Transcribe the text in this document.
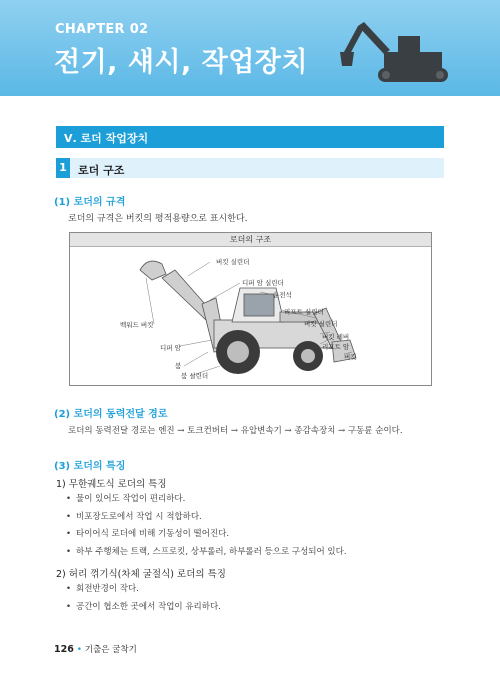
CHAPTER 02
전기, 섀시, 작업장치
Ⅴ. 로더 작업장치
1 로더 구조
(1) 로더의 규격
로더의 규격은 버킷의 평적용량으로 표시한다.
로더의 구조
버킷 실린더
디퍼 암 실린더
운전석
백워드 버킷
리프트 실린더
버킷 실린더
버킷 레버
리프트 암
버킷
디퍼 암
붐
붐 실린더
(2) 로더의 동력전달 경로
로더의 동력전달 경로는 엔진 → 토크컨버터 → 유압변속기 → 종감속장치 → 구동륜 순이다.
(3) 로더의 특징
1) 무한궤도식 로더의 특징
• 물이 있어도 작업이 편리하다.
• 비포장도로에서 작업 시 적합하다.
• 타이어식 로더에 비해 기동성이 떨어진다.
• 하부 주행체는 트랙, 스프로킷, 상부롤러, 하부롤러 등으로 구성되어 있다.
2) 허리 꺾기식(차체 굴절식) 로더의 특징
• 회전반경이 작다.
• 공간이 협소한 곳에서 작업이 유리하다.
126 • 기출은 굴착기
